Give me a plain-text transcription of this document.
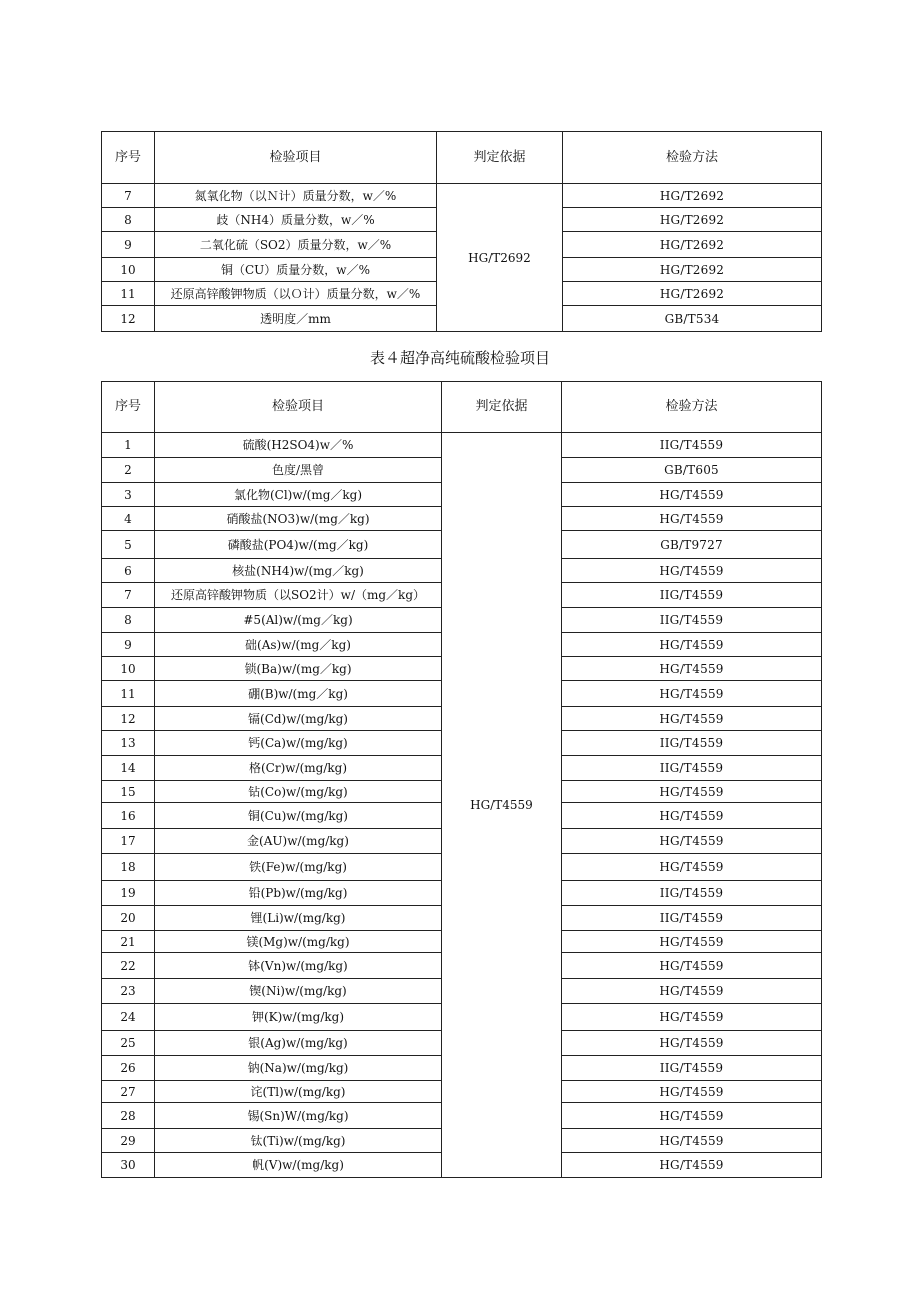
序号	检验项目	判定依据	检验方法
7	氮氧化物（以Ｎ计）质量分数，w／%	HG/T2692	HG/T2692
8	歧（NH4）质量分数，w／%		HG/T2692
9	二氧化硫（SO2）质量分数，w／%		HG/T2692
10	铜（CU）质量分数，w／%		HG/T2692
11	还原高锌酸钾物质（以Ｏ计）质量分数，w／%		HG/T2692
12	透明度／mm		GB/T534
表４超净高纯硫酸检验项目
序号	检验项目	判定依据	检验方法
1	硫酸(H2SO4)w／%	HG/T4559	IIG/T4559
2	色度/黑曾		GB/T605
3	氯化物(Cl)w/(mg／kg)		HG/T4559
4	硝酸盐(NO3)w/(mg／kg)		HG/T4559
5	磷酸盐(PO4)w/(mg／kg)		GB/T9727
6	核盐(NH4)w/(mg／kg)		HG/T4559
7	还原高锌酸钾物质（以SO2计）w/（mg／kg）		IIG/T4559
8	#5(Al)w/(mg／kg)		IIG/T4559
9	础(As)w/(mg／kg)		HG/T4559
10	锁(Ba)w/(mg／kg)		HG/T4559
11	硼(B)w/(mg／kg)		HG/T4559
12	镉(Cd)w/(mg/kg)		HG/T4559
13	钙(Ca)w/(mg/kg)		IIG/T4559
14	格(Cr)w/(mg/kg)		IIG/T4559
15	钻(Co)w/(mg/kg)		HG/T4559
16	铜(Cu)w/(mg/kg)		HG/T4559
17	金(AU)w/(mg/kg)		HG/T4559
18	铁(Fe)w/(mg/kg)		HG/T4559
19	铅(Pb)w/(mg/kg)		IIG/T4559
20	锂(Li)w/(mg/kg)		IIG/T4559
21	镁(Mg)w/(mg/kg)		HG/T4559
22	钵(Vn)w/(mg/kg)		HG/T4559
23	锲(Ni)w/(mg/kg)		HG/T4559
24	钾(K)w/(mg/kg)		HG/T4559
25	银(Ag)w/(mg/kg)		HG/T4559
26	钠(Na)w/(mg/kg)		IIG/T4559
27	诧(Tl)w/(mg/kg)		HG/T4559
28	锡(Sn)W/(mg/kg)		HG/T4559
29	钛(Ti)w/(mg/kg)		HG/T4559
30	帆(V)w/(mg/kg)		HG/T4559
